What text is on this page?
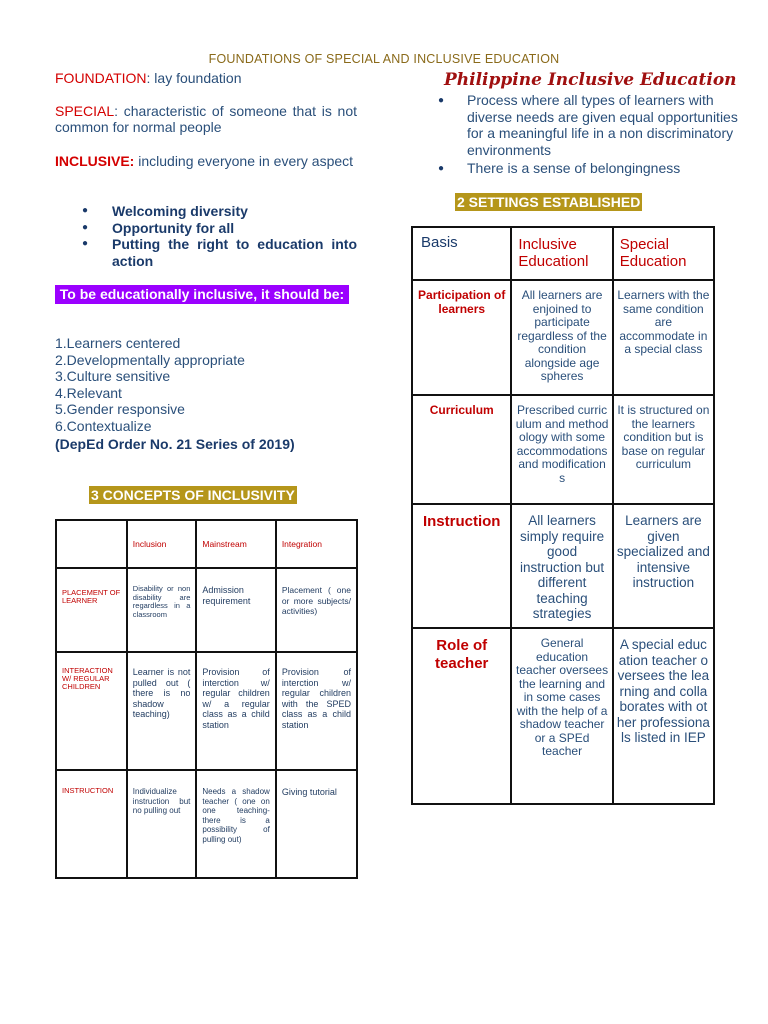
FOUNDATIONS OF SPECIAL AND INCLUSIVE EDUCATION
FOUNDATION: lay foundation
SPECIAL: characteristic of someone that is not common for normal people
INCLUSIVE: including everyone in every aspect
● Welcoming diversity
● Opportunity for all
● Putting the right to education into action
To be educationally inclusive, it should be:
1.Learners centered
2.Developmentally appropriate
3.Culture sensitive
4.Relevant
5.Gender responsive
6.Contextualize
(DepEd Order No. 21 Series of 2019)
3 CONCEPTS OF INCLUSIVITY
	Inclusion	Mainstream	Integration
PLACEMENT OF LEARNER	Disability or non disability are regardless in a classroom	Admission requirement	Placement ( one or more subjects/ activities)
INTERACTION W/ REGULAR CHILDREN	Learner is not pulled out ( there is no shadow teaching)	Provision of interction w/ regular children w/ a regular class as a child station	Provision of interction w/ regular children with the SPED class as a child station
INSTRUCTION	Individualize instruction but no pulling out	Needs a shadow teacher ( one on one teaching- there is a possibility of pulling out)	Giving tutorial
Philippine Inclusive Education
● Process where all types of learners with diverse needs are given equal opportunities for a meaningful life in a non discriminatory environments
● There is a sense of belongingness
2 SETTINGS ESTABLISHED
Basis	Inclusive Educationl	Special Education
Participation of learners	All learners are enjoined to participate regardless of the condition alongside age spheres	Learners with the same condition are accommodate in a special class
Curriculum	Prescribed curriculum and methodology with some accommodations and modifications	It is structured on the learners condition but is base on regular curriculum
Instruction	All learners simply require good instruction but different teaching strategies	Learners are given specialized and intensive instruction
Role of teacher	General education teacher oversees the learning and in some cases with the help of a shadow teacher or a SPEd teacher	A special education teacher oversees the learning and collaborates with other professionals listed in IEP
